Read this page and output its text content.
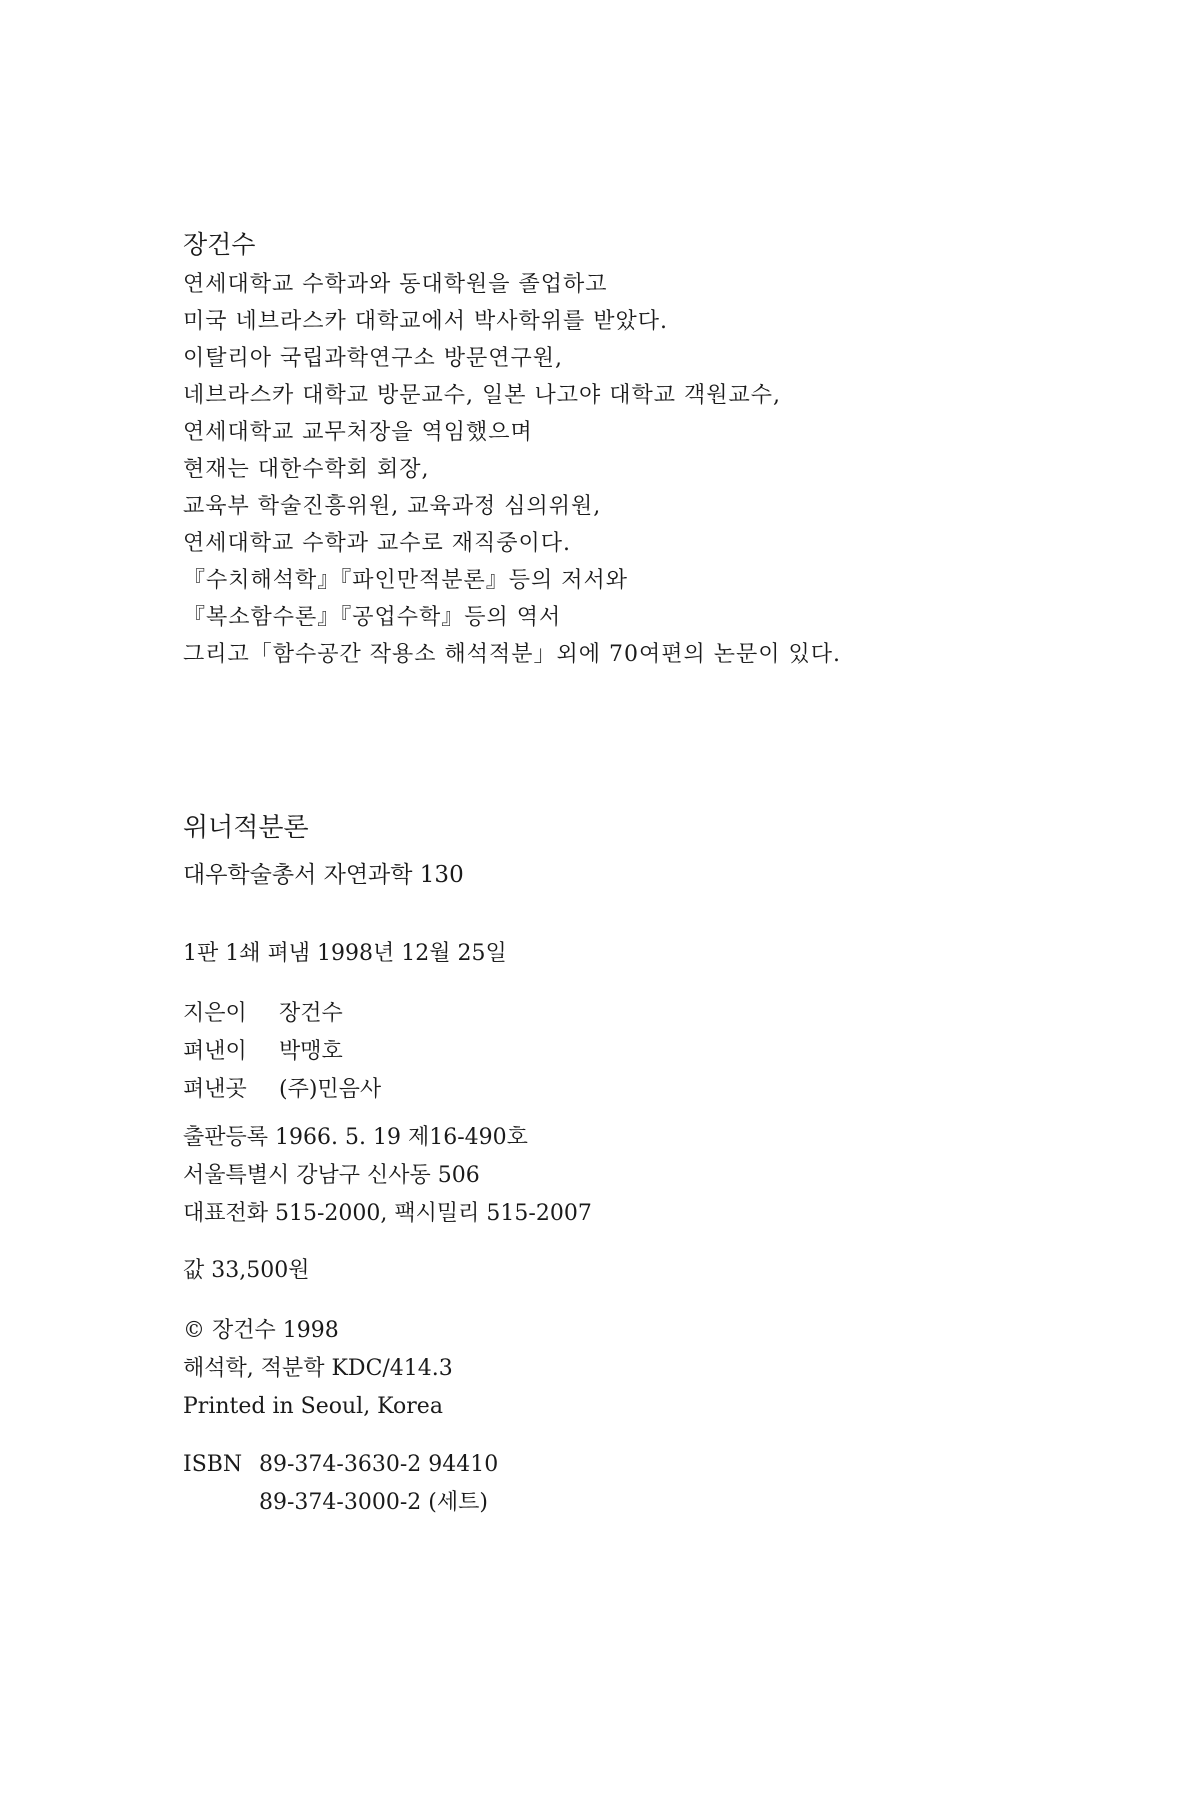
장건수
연세대학교 수학과와 동대학원을 졸업하고
미국 네브라스카 대학교에서 박사학위를 받았다.
이탈리아 국립과학연구소 방문연구원,
네브라스카 대학교 방문교수, 일본 나고야 대학교 객원교수,
연세대학교 교무처장을 역임했으며
현재는 대한수학회 회장,
교육부 학술진흥위원, 교육과정 심의위원,
연세대학교 수학과 교수로 재직중이다.
『수치해석학』『파인만적분론』등의 저서와
『복소함수론』『공업수학』등의 역서
그리고「함수공간 작용소 해석적분」외에 70여편의 논문이 있다.
위너적분론
대우학술총서 자연과학 130
1판 1쇄 펴냄 1998년 12월 25일
지은이 장건수
펴낸이 박맹호
펴낸곳 (주)민음사
출판등록 1966. 5. 19 제16-490호
서울특별시 강남구 신사동 506
대표전화 515-2000, 팩시밀리 515-2007
값 33,500원
© 장건수 1998
해석학, 적분학 KDC/414.3
Printed in Seoul, Korea
ISBN 89-374-3630-2 94410
89-374-3000-2 (세트)
